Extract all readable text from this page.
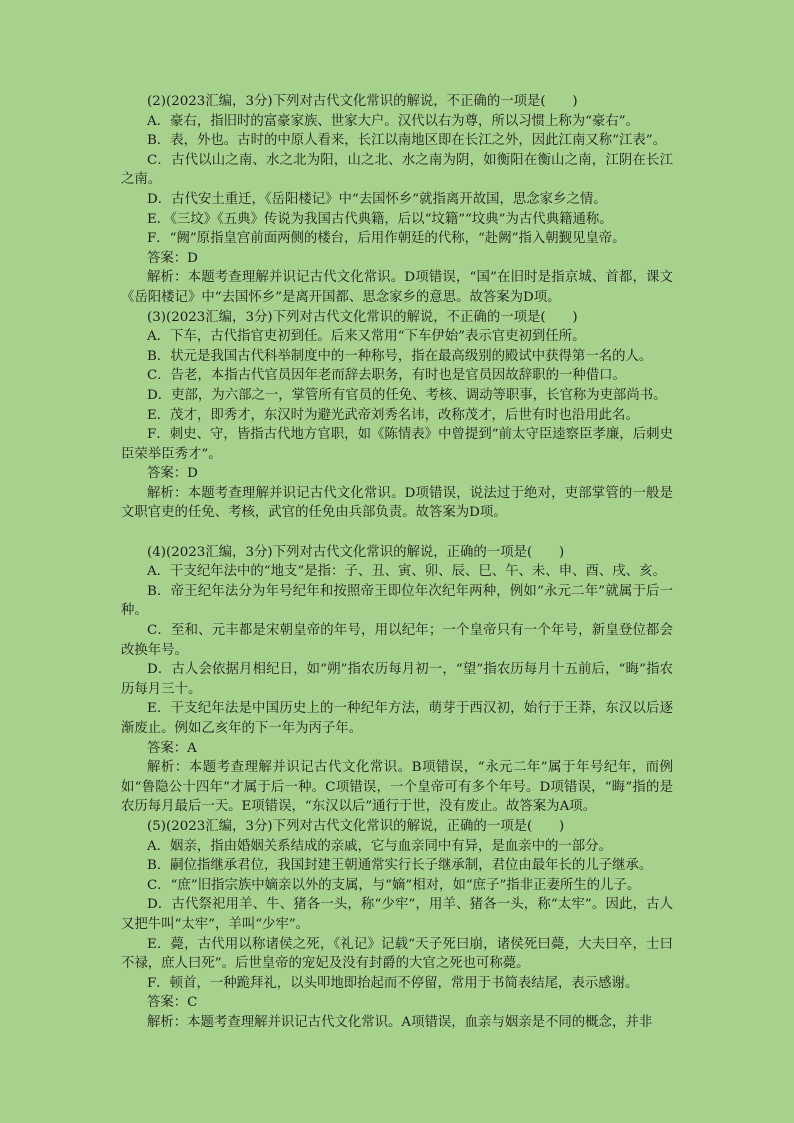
(2)(2023汇编，3分)下列对古代文化常识的解说，不正确的一项是(　　)

A．豪右，指旧时的富豪家族、世家大户。汉代以右为尊，所以习惯上称为“豪右”。

B．表，外也。古时的中原人看来，长江以南地区即在长江之外，因此江南又称“江表”。

C．古代以山之南、水之北为阳，山之北、水之南为阴，如衡阳在衡山之南，江阴在长江之南。

D．古代安土重迁，《岳阳楼记》中“去国怀乡”就指离开故国，思念家乡之情。

E．《三坟》《五典》传说为我国古代典籍，后以“坟籍”“坟典”为古代典籍通称。

F．“阙”原指皇宫前面两侧的楼台，后用作朝廷的代称，“赴阙”指入朝觐见皇帝。

答案：D

解析：本题考查理解并识记古代文化常识。D项错误，“国”在旧时是指京城、首都，课文《岳阳楼记》中“去国怀乡”是离开国都、思念家乡的意思。故答案为D项。

(3)(2023汇编，3分)下列对古代文化常识的解说，不正确的一项是(　　)

A．下车，古代指官吏初到任。后来又常用“下车伊始”表示官吏初到任所。

B．状元是我国古代科举制度中的一种称号，指在最高级别的殿试中获得第一名的人。

C．告老，本指古代官员因年老而辞去职务，有时也是官员因故辞职的一种借口。

D．吏部，为六部之一，掌管所有官员的任免、考核、调动等职事，长官称为吏部尚书。

E．茂才，即秀才，东汉时为避光武帝刘秀名讳，改称茂才，后世有时也沿用此名。

F．刺史、守，皆指古代地方官职，如《陈情表》中曾提到“前太守臣逵察臣孝廉，后刺史臣荣举臣秀才”。

答案：D

解析：本题考查理解并识记古代文化常识。D项错误，说法过于绝对，吏部掌管的一般是文职官吏的任免、考核，武官的任免由兵部负责。故答案为D项。

(4)(2023汇编，3分)下列对古代文化常识的解说，正确的一项是(　　)

A．干支纪年法中的“地支”是指：子、丑、寅、卯、辰、巳、午、未、申、酉、戌、亥。

B．帝王纪年法分为年号纪年和按照帝王即位年次纪年两种，例如“永元二年”就属于后一种。

C．至和、元丰都是宋朝皇帝的年号，用以纪年；一个皇帝只有一个年号，新皇登位都会改换年号。

D．古人会依据月相纪日，如“朔”指农历每月初一，“望”指农历每月十五前后，“晦”指农历每月三十。

E．干支纪年法是中国历史上的一种纪年方法，萌芽于西汉初，始行于王莽，东汉以后逐渐废止。例如乙亥年的下一年为丙子年。

答案：A

解析：本题考查理解并识记古代文化常识。B项错误，“永元二年”属于年号纪年，而例如“鲁隐公十四年”才属于后一种。C项错误，一个皇帝可有多个年号。D项错误，“晦”指的是农历每月最后一天。E项错误，“东汉以后”通行于世，没有废止。故答案为A项。

(5)(2023汇编，3分)下列对古代文化常识的解说，正确的一项是(　　)

A．姻亲，指由婚姻关系结成的亲戚，它与血亲同中有异，是血亲中的一部分。

B．嗣位指继承君位，我国封建王朝通常实行长子继承制，君位由最年长的儿子继承。

C．“庶”旧指宗族中嫡亲以外的支属，与“嫡”相对，如“庶子”指非正妻所生的儿子。

D．古代祭祀用羊、牛、猪各一头，称“少牢”，用羊、猪各一头，称“太牢”。因此，古人又把牛叫“太牢”，羊叫“少牢”。

E．薨，古代用以称诸侯之死，《礼记》记载“天子死曰崩，诸侯死曰薨，大夫曰卒，士曰不禄，庶人曰死”。后世皇帝的宠妃及没有封爵的大官之死也可称薨。

F．顿首，一种跪拜礼，以头叩地即抬起而不停留，常用于书简表结尾，表示感谢。

答案：C

解析：本题考查理解并识记古代文化常识。A项错误，血亲与姻亲是不同的概念，并非
